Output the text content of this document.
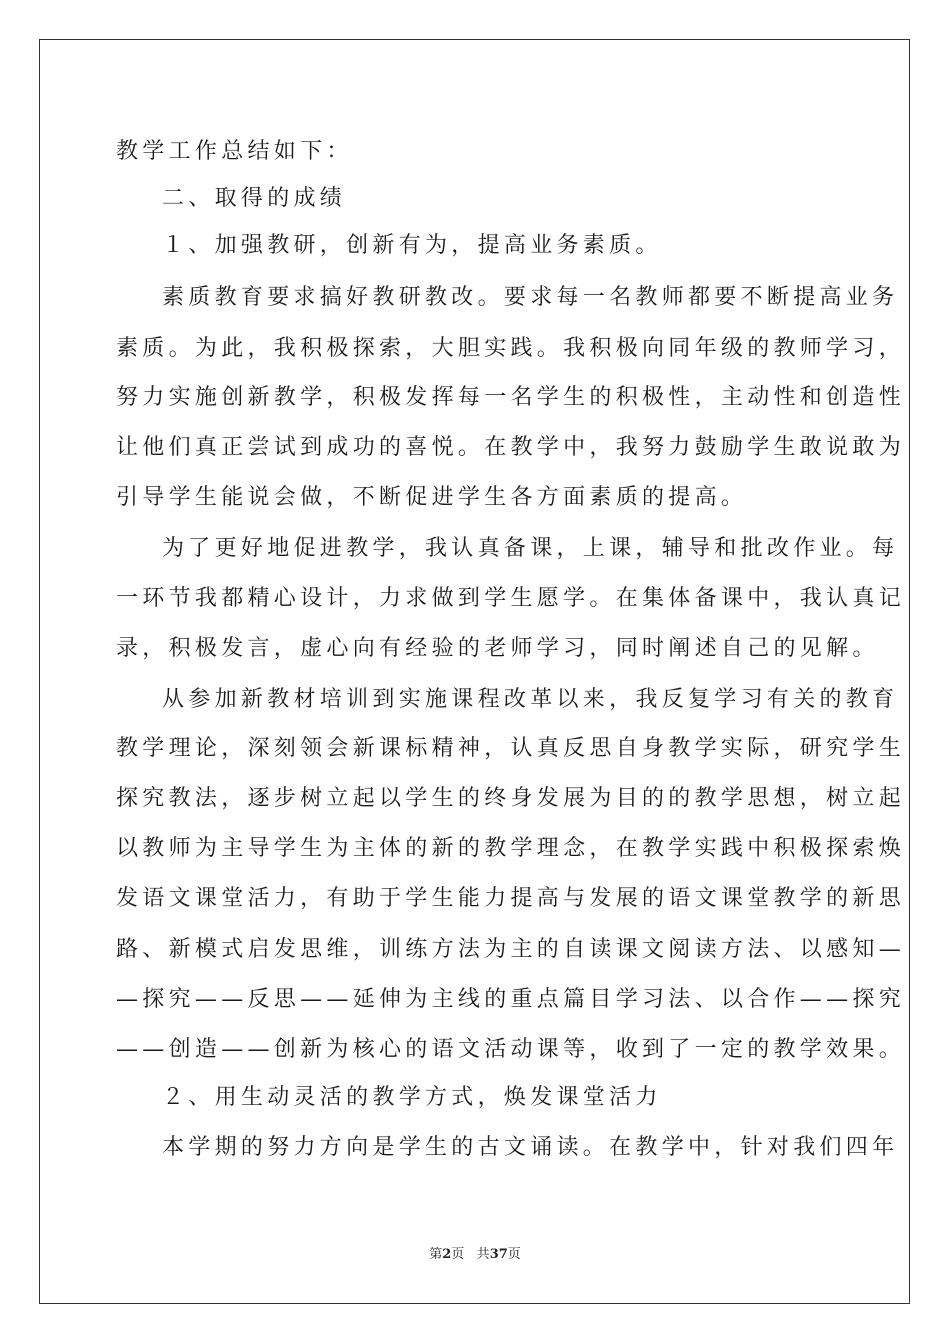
教学工作总结如下：
二、取得的成绩
１、加强教研，创新有为，提高业务素质。
素质教育要求搞好教研教改。要求每一名教师都要不断提高业务
素质。为此，我积极探索，大胆实践。我积极向同年级的教师学习，
努力实施创新教学，积极发挥每一名学生的积极性，主动性和创造性
让他们真正尝试到成功的喜悦。在教学中，我努力鼓励学生敢说敢为
引导学生能说会做，不断促进学生各方面素质的提高。
为了更好地促进教学，我认真备课，上课，辅导和批改作业。每
一环节我都精心设计，力求做到学生愿学。在集体备课中，我认真记
录，积极发言，虚心向有经验的老师学习，同时阐述自己的见解。
从参加新教材培训到实施课程改革以来，我反复学习有关的教育
教学理论，深刻领会新课标精神，认真反思自身教学实际，研究学生
探究教法，逐步树立起以学生的终身发展为目的的教学思想，树立起
以教师为主导学生为主体的新的教学理念，在教学实践中积极探索焕
发语文课堂活力，有助于学生能力提高与发展的语文课堂教学的新思
路、新模式启发思维，训练方法为主的自读课文阅读方法、以感知—
—探究——反思——延伸为主线的重点篇目学习法、以合作——探究
——创造——创新为核心的语文活动课等，收到了一定的教学效果。
２、用生动灵活的教学方式，焕发课堂活力
本学期的努力方向是学生的古文诵读。在教学中，针对我们四年
第2页 共37页
